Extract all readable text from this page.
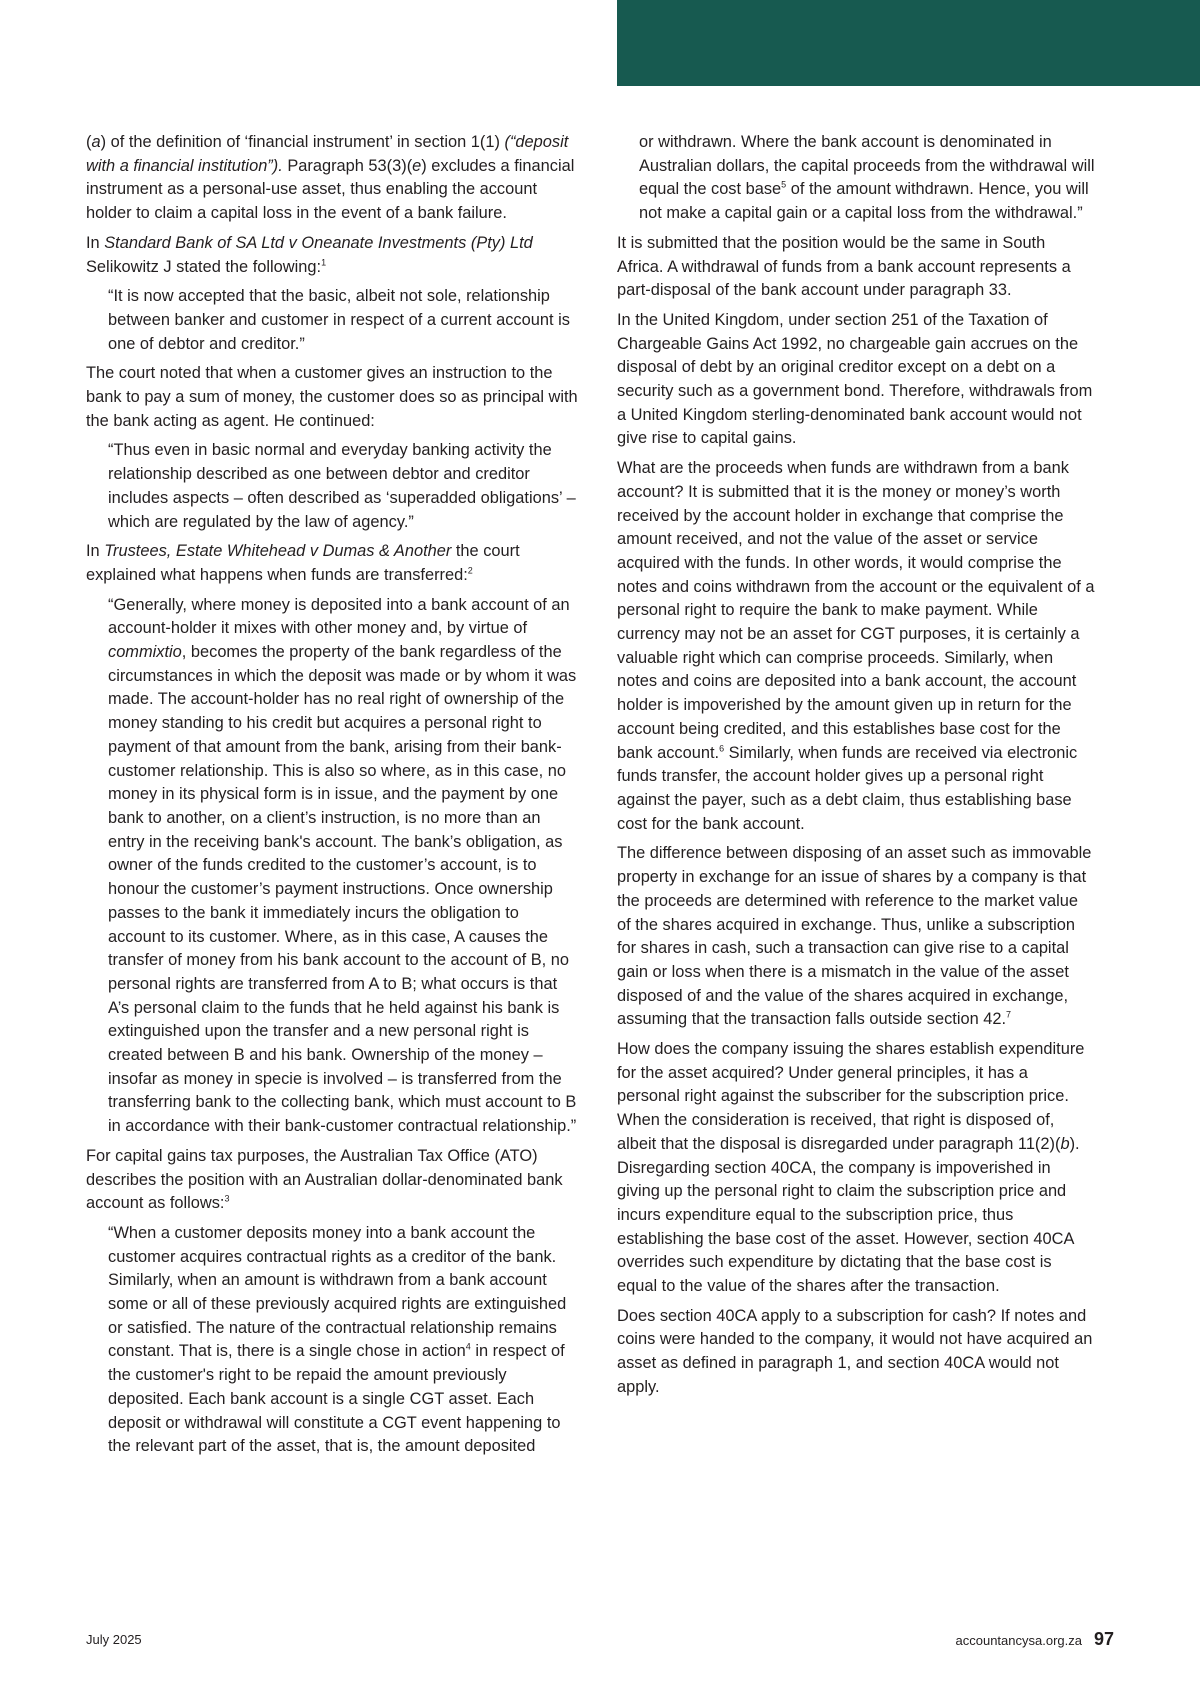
(a) of the definition of ‘financial instrument’ in section 1(1) (“deposit with a financial institution”). Paragraph 53(3)(e) excludes a financial instrument as a personal-use asset, thus enabling the account holder to claim a capital loss in the event of a bank failure.

In Standard Bank of SA Ltd v Oneanate Investments (Pty) Ltd Selikowitz J stated the following:$^1$

“It is now accepted that the basic, albeit not sole, relationship between banker and customer in respect of a current account is one of debtor and creditor.”

The court noted that when a customer gives an instruction to the bank to pay a sum of money, the customer does so as principal with the bank acting as agent. He continued:

“Thus even in basic normal and everyday banking activity the relationship described as one between debtor and creditor includes aspects – often described as ‘superadded obligations’ – which are regulated by the law of agency.”

In Trustees, Estate Whitehead v Dumas & Another the court explained what happens when funds are transferred:$^2$

“Generally, where money is deposited into a bank account of an account-holder it mixes with other money and, by virtue of commixtio, becomes the property of the bank regardless of the circumstances in which the deposit was made or by whom it was made. The account-holder has no real right of ownership of the money standing to his credit but acquires a personal right to payment of that amount from the bank, arising from their bank-customer relationship. This is also so where, as in this case, no money in its physical form is in issue, and the payment by one bank to another, on a client’s instruction, is no more than an entry in the receiving bank's account. The bank’s obligation, as owner of the funds credited to the customer’s account, is to honour the customer’s payment instructions. Once ownership passes to the bank it immediately incurs the obligation to account to its customer. Where, as in this case, A causes the transfer of money from his bank account to the account of B, no personal rights are transferred from A to B; what occurs is that A’s personal claim to the funds that he held against his bank is extinguished upon the transfer and a new personal right is created between B and his bank. Ownership of the money – insofar as money in specie is involved – is transferred from the transferring bank to the collecting bank, which must account to B in accordance with their bank-customer contractual relationship.”

For capital gains tax purposes, the Australian Tax Office (ATO) describes the position with an Australian dollar-denominated bank account as follows:$^3$

“When a customer deposits money into a bank account the customer acquires contractual rights as a creditor of the bank. Similarly, when an amount is withdrawn from a bank account some or all of these previously acquired rights are extinguished or satisfied. The nature of the contractual relationship remains constant. That is, there is a single chose in action$^4$ in respect of the customer's right to be repaid the amount previously deposited. Each bank account is a single CGT asset. Each deposit or withdrawal will constitute a CGT event happening to the relevant part of the asset, that is, the amount deposited

or withdrawn. Where the bank account is denominated in Australian dollars, the capital proceeds from the withdrawal will equal the cost base$^5$ of the amount withdrawn. Hence, you will not make a capital gain or a capital loss from the withdrawal.”

It is submitted that the position would be the same in South Africa. A withdrawal of funds from a bank account represents a part-disposal of the bank account under paragraph 33.

In the United Kingdom, under section 251 of the Taxation of Chargeable Gains Act 1992, no chargeable gain accrues on the disposal of debt by an original creditor except on a debt on a security such as a government bond. Therefore, withdrawals from a United Kingdom sterling-denominated bank account would not give rise to capital gains.

What are the proceeds when funds are withdrawn from a bank account? It is submitted that it is the money or money’s worth received by the account holder in exchange that comprise the amount received, and not the value of the asset or service acquired with the funds. In other words, it would comprise the notes and coins withdrawn from the account or the equivalent of a personal right to require the bank to make payment. While currency may not be an asset for CGT purposes, it is certainly a valuable right which can comprise proceeds. Similarly, when notes and coins are deposited into a bank account, the account holder is impoverished by the amount given up in return for the account being credited, and this establishes base cost for the bank account.$^6$ Similarly, when funds are received via electronic funds transfer, the account holder gives up a personal right against the payer, such as a debt claim, thus establishing base cost for the bank account.

The difference between disposing of an asset such as immovable property in exchange for an issue of shares by a company is that the proceeds are determined with reference to the market value of the shares acquired in exchange. Thus, unlike a subscription for shares in cash, such a transaction can give rise to a capital gain or loss when there is a mismatch in the value of the asset disposed of and the value of the shares acquired in exchange, assuming that the transaction falls outside section 42.$^7$

How does the company issuing the shares establish expenditure for the asset acquired? Under general principles, it has a personal right against the subscriber for the subscription price. When the consideration is received, that right is disposed of, albeit that the disposal is disregarded under paragraph 11(2)(b). Disregarding section 40CA, the company is impoverished in giving up the personal right to claim the subscription price and incurs expenditure equal to the subscription price, thus establishing the base cost of the asset. However, section 40CA overrides such expenditure by dictating that the base cost is equal to the value of the shares after the transaction.

Does section 40CA apply to a subscription for cash? If notes and coins were handed to the company, it would not have acquired an asset as defined in paragraph 1, and section 40CA would not apply.

July 2025	accountancysa.org.za 97
